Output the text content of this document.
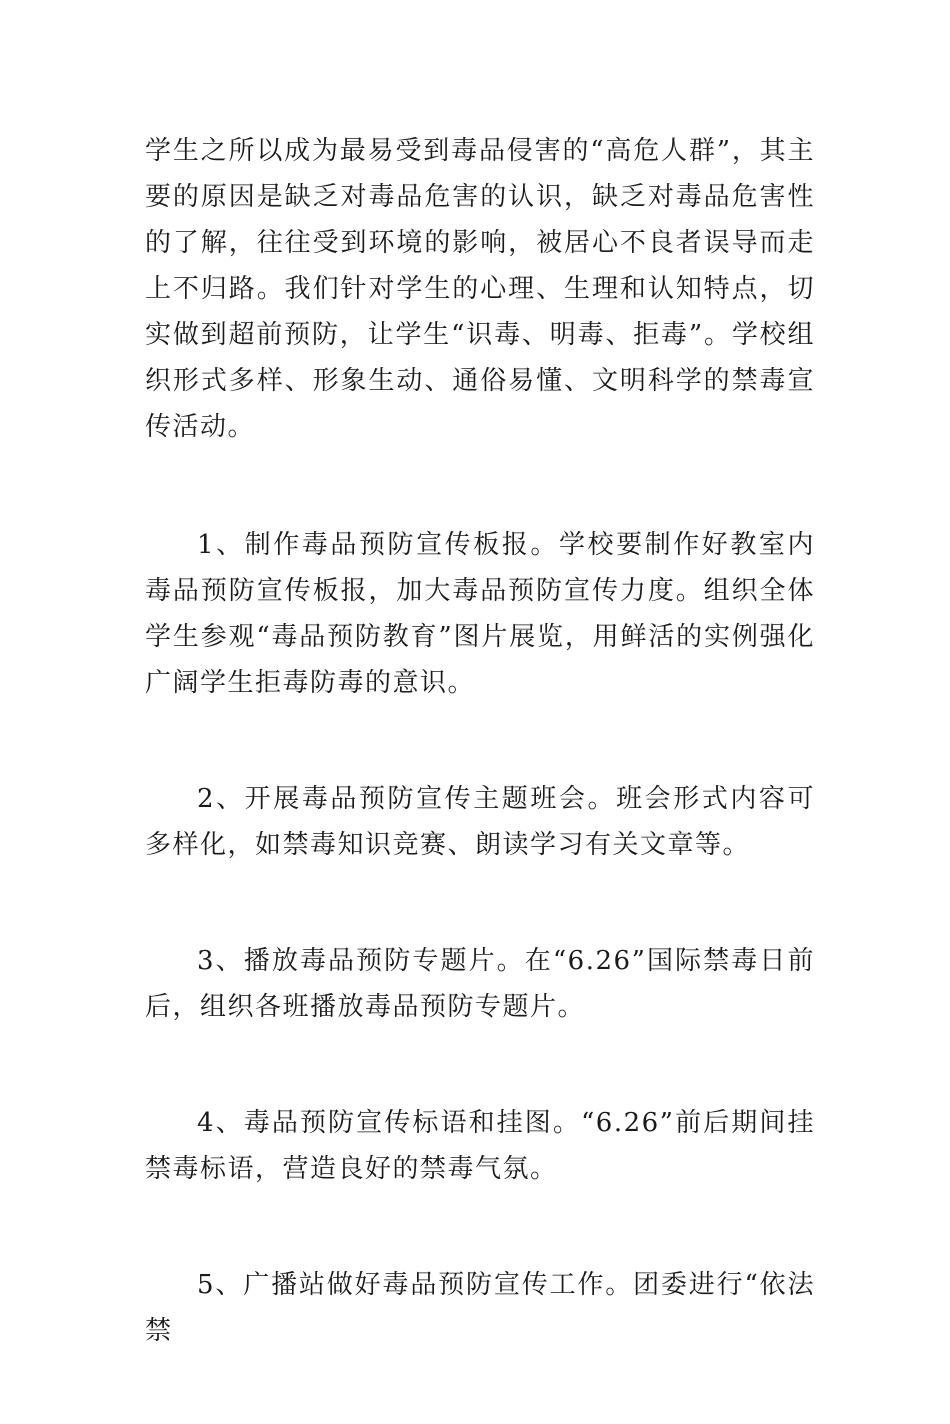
学生之所以成为最易受到毒品侵害的“高危人群”，其主要的原因是缺乏对毒品危害的认识，缺乏对毒品危害性的了解，往往受到环境的影响，被居心不良者误导而走上不归路。我们针对学生的心理、生理和认知特点，切实做到超前预防，让学生“识毒、明毒、拒毒”。学校组织形式多样、形象生动、通俗易懂、文明科学的禁毒宣传活动。

1、制作毒品预防宣传板报。学校要制作好教室内毒品预防宣传板报，加大毒品预防宣传力度。组织全体学生参观“毒品预防教育”图片展览，用鲜活的实例强化广阔学生拒毒防毒的意识。

2、开展毒品预防宣传主题班会。班会形式内容可多样化，如禁毒知识竞赛、朗读学习有关文章等。

3、播放毒品预防专题片。在“6.26”国际禁毒日前后，组织各班播放毒品预防专题片。

4、毒品预防宣传标语和挂图。“6.26”前后期间挂禁毒标语，营造良好的禁毒气氛。

5、广播站做好毒品预防宣传工作。团委进行“依法禁
